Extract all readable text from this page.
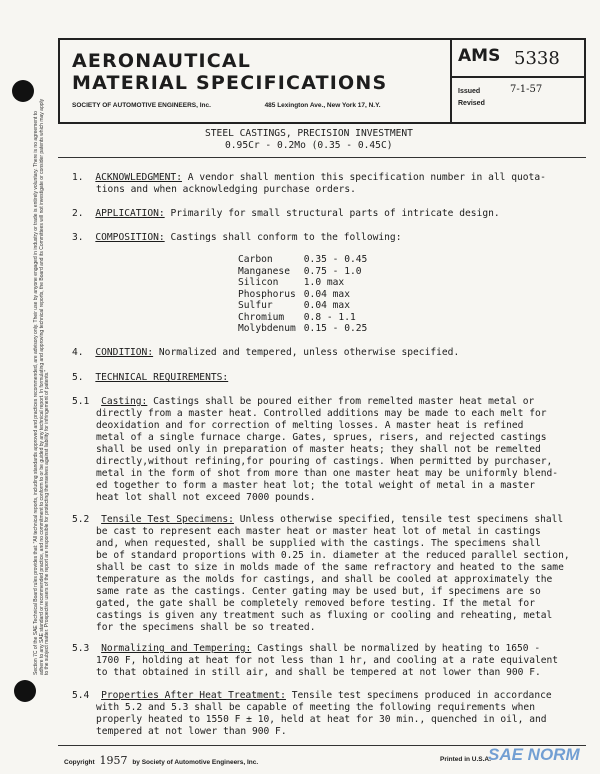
Section 7C of the SAE Technical Board rules provides that: "All technical reports, including standards approved and practices recommended, are advisory only. Their use by anyone engaged in industry or trade is entirely voluntary. There is no agreement to adhere to any SAE standard or recommended practice, and no commitment to conform to or be guided by any technical report. In formulating and approving technical reports, the Board and its Committees will not investigate or consider patents which may apply to the subject matter. Prospective users of the report are responsible for protecting themselves against liability for infringement of patents."
AERONAUTICAL
MATERIAL SPECIFICATIONS
SOCIETY OF AUTOMOTIVE ENGINEERS, Inc.	485 Lexington Ave., New York 17, N.Y.
AMS 5338
Issued	7-1-57
Revised
STEEL CASTINGS, PRECISION INVESTMENT
0.95Cr - 0.2Mo (0.35 - 0.45C)
1. ACKNOWLEDGMENT: A vendor shall mention this specification number in all quota-
tions and when acknowledging purchase orders.
2. APPLICATION: Primarily for small structural parts of intricate design.
3. COMPOSITION: Castings shall conform to the following:
Carbon	0.35 - 0.45
Manganese	0.75 - 1.0
Silicon	1.0 max
Phosphorus	0.04 max
Sulfur	0.04 max
Chromium	0.8 - 1.1
Molybdenum	0.15 - 0.25
4. CONDITION: Normalized and tempered, unless otherwise specified.
5. TECHNICAL REQUIREMENTS:
5.1 Casting: Castings shall be poured either from remelted master heat metal or
directly from a master heat. Controlled additions may be made to each melt for
deoxidation and for correction of melting losses. A master heat is refined
metal of a single furnace charge. Gates, sprues, risers, and rejected castings
shall be used only in preparation of master heats; they shall not be remelted
directly,without refining,for pouring of castings. When permitted by purchaser,
metal in the form of shot from more than one master heat may be uniformly blend-
ed together to form a master heat lot; the total weight of metal in a master
heat lot shall not exceed 7000 pounds.
5.2 Tensile Test Specimens: Unless otherwise specified, tensile test specimens shall
be cast to represent each master heat or master heat lot of metal in castings
and, when requested, shall be supplied with the castings. The specimens shall
be of standard proportions with 0.25 in. diameter at the reduced parallel section,
shall be cast to size in molds made of the same refractory and heated to the same
temperature as the molds for castings, and shall be cooled at approximately the
same rate as the castings. Center gating may be used but, if specimens are so
gated, the gate shall be completely removed before testing. If the metal for
castings is given any treatment such as fluxing or cooling and reheating, metal
for the specimens shall be so treated.
5.3 Normalizing and Tempering: Castings shall be normalized by heating to 1650 -
1700 F, holding at heat for not less than 1 hr, and cooling at a rate equivalent
to that obtained in still air, and shall be tempered at not lower than 900 F.
5.4 Properties After Heat Treatment: Tensile test specimens produced in accordance
with 5.2 and 5.3 shall be capable of meeting the following requirements when
properly heated to 1550 F ± 10, held at heat for 30 min., quenched in oil, and
tempered at not lower than 900 F.
Copyright 1957 by Society of Automotive Engineers, Inc.	Printed in U.S.A.
SAE NORM
